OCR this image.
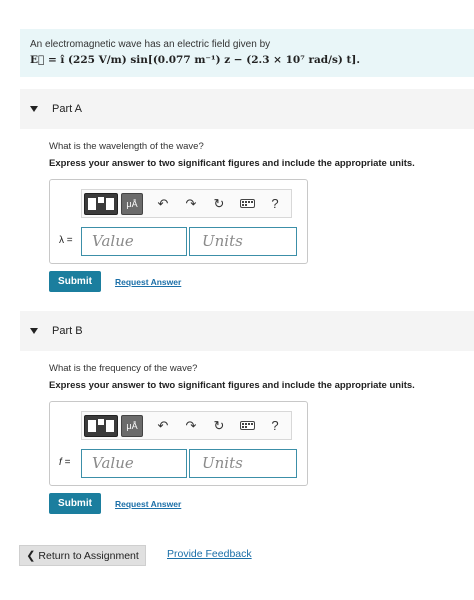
An electromagnetic wave has an electric field given by
E⃗ = î (225 V/m) sin[(0.077 m⁻¹) z − (2.3 × 10⁷ rad/s) t].
Part A
What is the wavelength of the wave?
Express your answer to two significant figures and include the appropriate units.
μÅ	↶	↷	↻	?
λ =	Value	Units
Submit	Request Answer
Part B
What is the frequency of the wave?
Express your answer to two significant figures and include the appropriate units.
μÅ	↶	↷	↻	?
f =	Value	Units
Submit	Request Answer
❮ Return to Assignment	Provide Feedback
